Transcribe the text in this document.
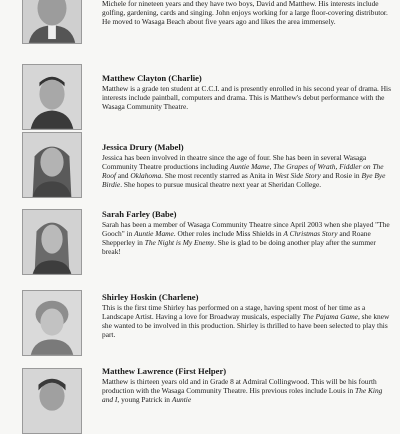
Michele for nineteen years and they have two boys, David and Matthew. His interests include golfing, gardening, cards and singing. John enjoys working for a large floor-covering distributor. He moved to Wasaga Beach about five years ago and likes the area immensely.

Matthew Clayton (Charlie)

Matthew is a grade ten student at C.C.I. and is presently enrolled in his second year of drama. His interests include paintball, computers and drama. This is Matthew's debut performance with the Wasaga Community Theatre.

Jessica Drury (Mabel)

Jessica has been involved in theatre since the age of four. She has been in several Wasaga Community Theatre productions including Auntie Mame, The Grapes of Wrath, Fiddler on The Roof and Oklahoma. She most recently starred as Anita in West Side Story and Rosie in Bye Bye Birdie. She hopes to pursue musical theatre next year at Sheridan College.

Sarah Farley (Babe)

Sarah has been a member of Wasaga Community Theatre since April 2003 when she played "The Gooch" in Auntie Mame. Other roles include Miss Shields in A Christmas Story and Roane Shepperley in The Night is My Enemy. She is glad to be doing another play after the summer break!

Shirley Hoskin (Charlene)

This is the first time Shirley has performed on a stage, having spent most of her time as a Landscape Artist. Having a love for Broadway musicals, especially The Pajama Game, she knew she wanted to be involved in this production. Shirley is thrilled to have been selected to play this part.

Matthew Lawrence (First Helper)

Matthew is thirteen years old and in Grade 8 at Admiral Collingwood. This will be his fourth production with the Wasaga Community Theatre. His previous roles include Louis in The King and I, young Patrick in Auntie
